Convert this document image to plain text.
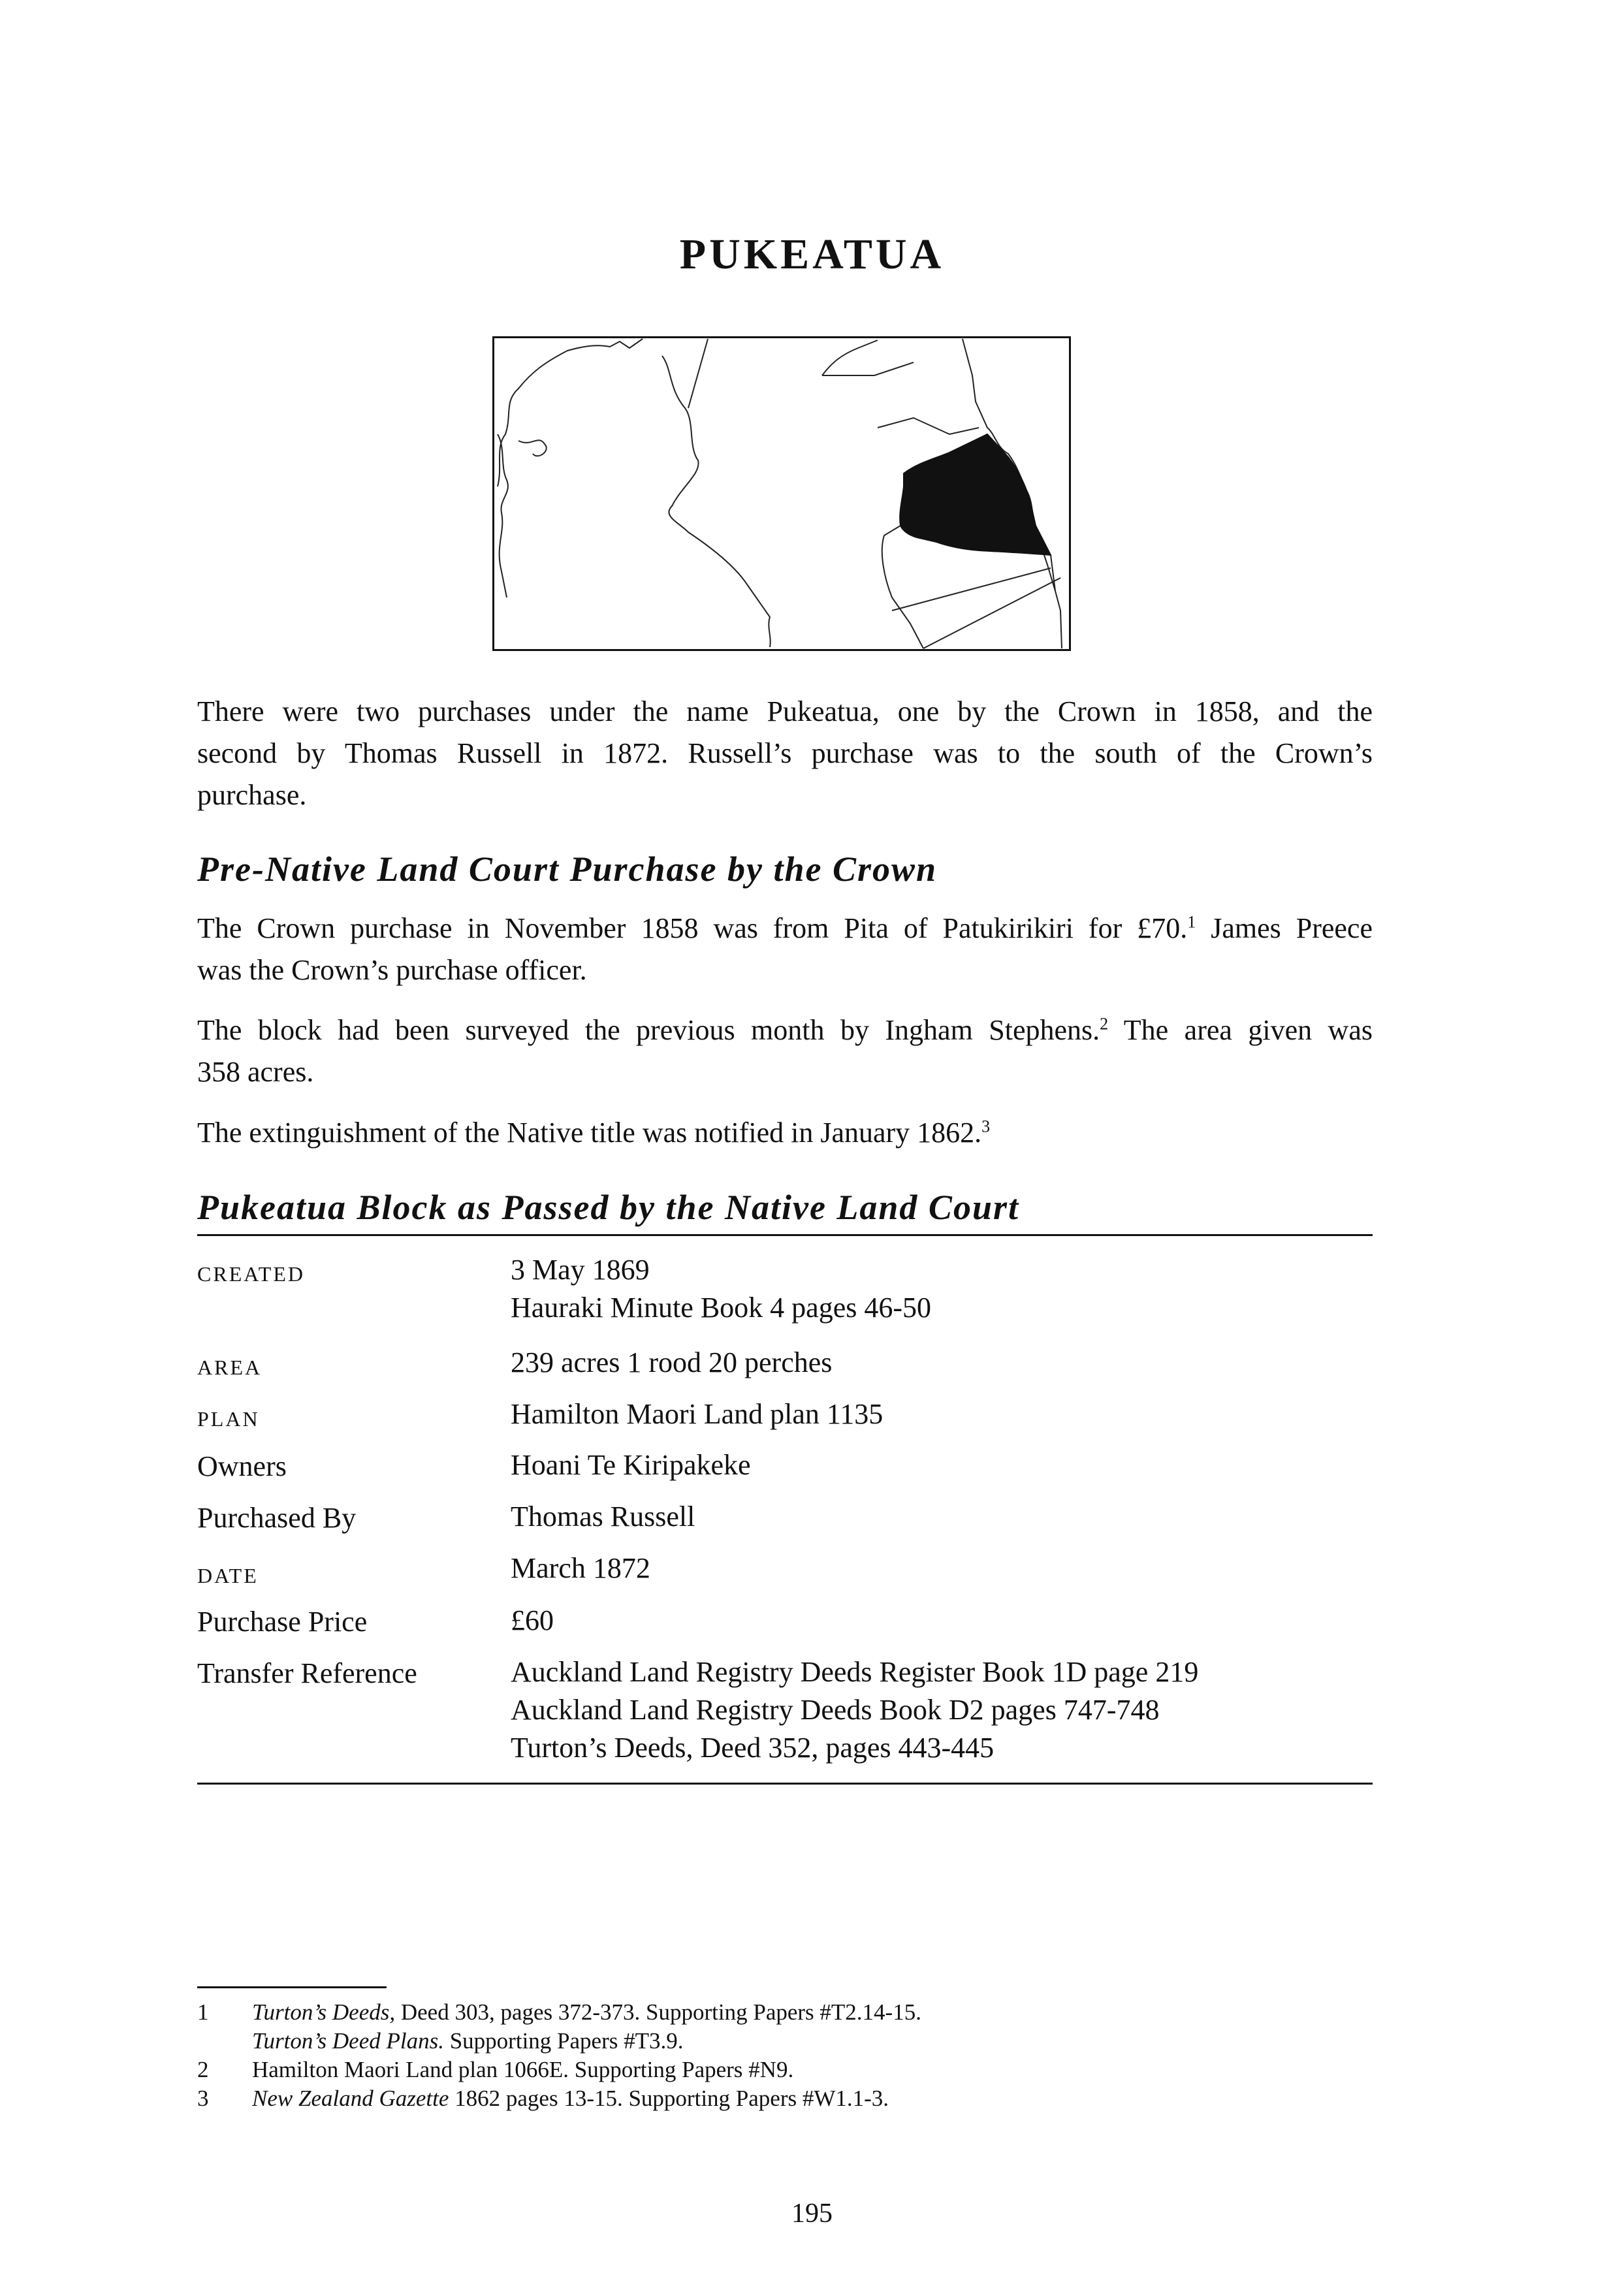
PUKEATUA
There were two purchases under the name Pukeatua, one by the Crown in 1858, and the
second by Thomas Russell in 1872. Russell’s purchase was to the south of the Crown’s
purchase.
Pre-Native Land Court Purchase by the Crown
The Crown purchase in November 1858 was from Pita of Patukirikiri for £70.$^1$ James Preece
was the Crown’s purchase officer.
The block had been surveyed the previous month by Ingham Stephens.$^2$ The area given was
358 acres.
The extinguishment of the Native title was notified in January 1862.$^3$
Pukeatua Block as Passed by the Native Land Court
CREATED	3 May 1869
Hauraki Minute Book 4 pages 46-50
AREA	239 acres 1 rood 20 perches
PLAN	Hamilton Maori Land plan 1135
Owners	Hoani Te Kiripakeke
Purchased By	Thomas Russell
DATE	March 1872
Purchase Price	£60
Transfer Reference	Auckland Land Registry Deeds Register Book 1D page 219
Auckland Land Registry Deeds Book D2 pages 747-748
Turton’s Deeds, Deed 352, pages 443-445
1 Turton’s Deeds, Deed 303, pages 372-373. Supporting Papers #T2.14-15.
Turton’s Deed Plans. Supporting Papers #T3.9.
2 Hamilton Maori Land plan 1066E. Supporting Papers #N9.
3 New Zealand Gazette 1862 pages 13-15. Supporting Papers #W1.1-3.
195
